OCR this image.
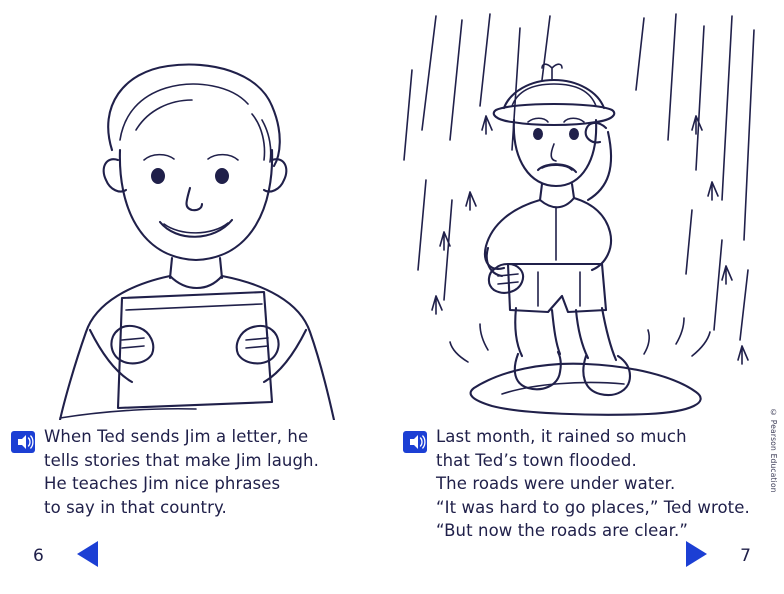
When Ted sends Jim a letter, he

tells stories that make Jim laugh.

He teaches Jim nice phrases

to say in that country.

6

Last month, it rained so much

that Ted’s town flooded.

The roads were under water.

“It was hard to go places,” Ted wrote.

“But now the roads are clear.”

© Pearson Education
7
